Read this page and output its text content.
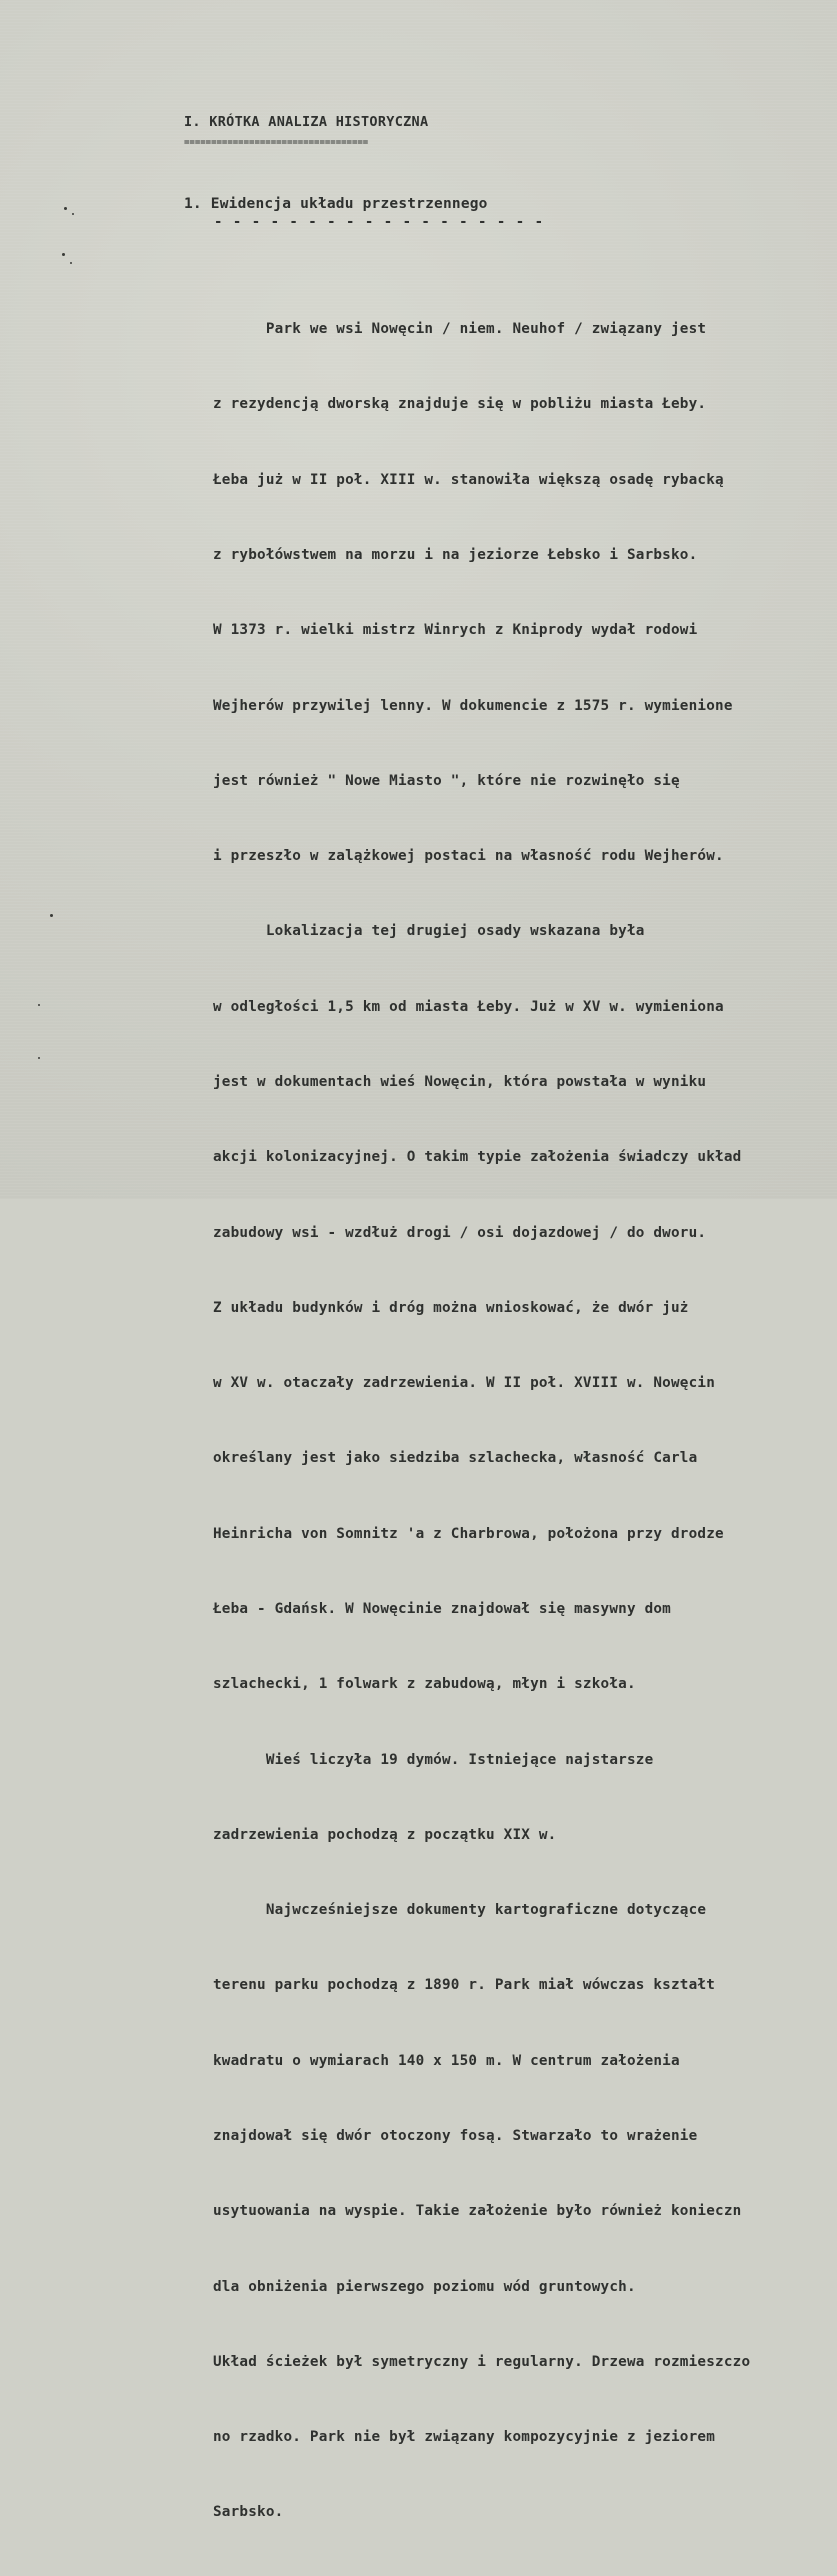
I. KRÓTKA ANALIZA HISTORYCZNA
==================================
1. Ewidencja układu przestrzennego
- - - - - - - - - - - - - - - - - -

Park we wsi Nowęcin / niem. Neuhof / związany jest

z rezydencją dworską znajduje się w pobliżu miasta Łeby.

Łeba już w II poł. XIII w. stanowiła większą osadę rybacką

z rybołówstwem na morzu i na jeziorze Łebsko i Sarbsko.

W 1373 r. wielki mistrz Winrych z Kniprody wydał rodowi

Wejherów przywilej lenny. W dokumencie z 1575 r. wymienione

jest również " Nowe Miasto ", które nie rozwinęło się

i przeszło w zalążkowej postaci na własność rodu Wejherów.

Lokalizacja tej drugiej osady wskazana była

w odległości 1,5 km od miasta Łeby. Już w XV w. wymieniona

jest w dokumentach wieś Nowęcin, która powstała w wyniku

akcji kolonizacyjnej. O takim typie założenia świadczy układ

zabudowy wsi - wzdłuż drogi / osi dojazdowej / do dworu.

Z układu budynków i dróg można wnioskować, że dwór już

w XV w. otaczały zadrzewienia. W II poł. XVIII w. Nowęcin

określany jest jako siedziba szlachecka, własność Carla

Heinricha von Somnitz 'a z Charbrowa, położona przy drodze

Łeba - Gdańsk. W Nowęcinie znajdował się masywny dom

szlachecki, 1 folwark z zabudową, młyn i szkoła.

Wieś liczyła 19 dymów. Istniejące najstarsze

zadrzewienia pochodzą z początku XIX w.

Najwcześniejsze dokumenty kartograficzne dotyczące

terenu parku pochodzą z 1890 r. Park miał wówczas kształt

kwadratu o wymiarach 140 x 150 m. W centrum założenia

znajdował się dwór otoczony fosą. Stwarzało to wrażenie

usytuowania na wyspie. Takie założenie było również konieczn

dla obniżenia pierwszego poziomu wód gruntowych.

Układ ścieżek był symetryczny i regularny. Drzewa rozmieszczo

no rzadko. Park nie był związany kompozycyjnie z jeziorem

Sarbsko.
